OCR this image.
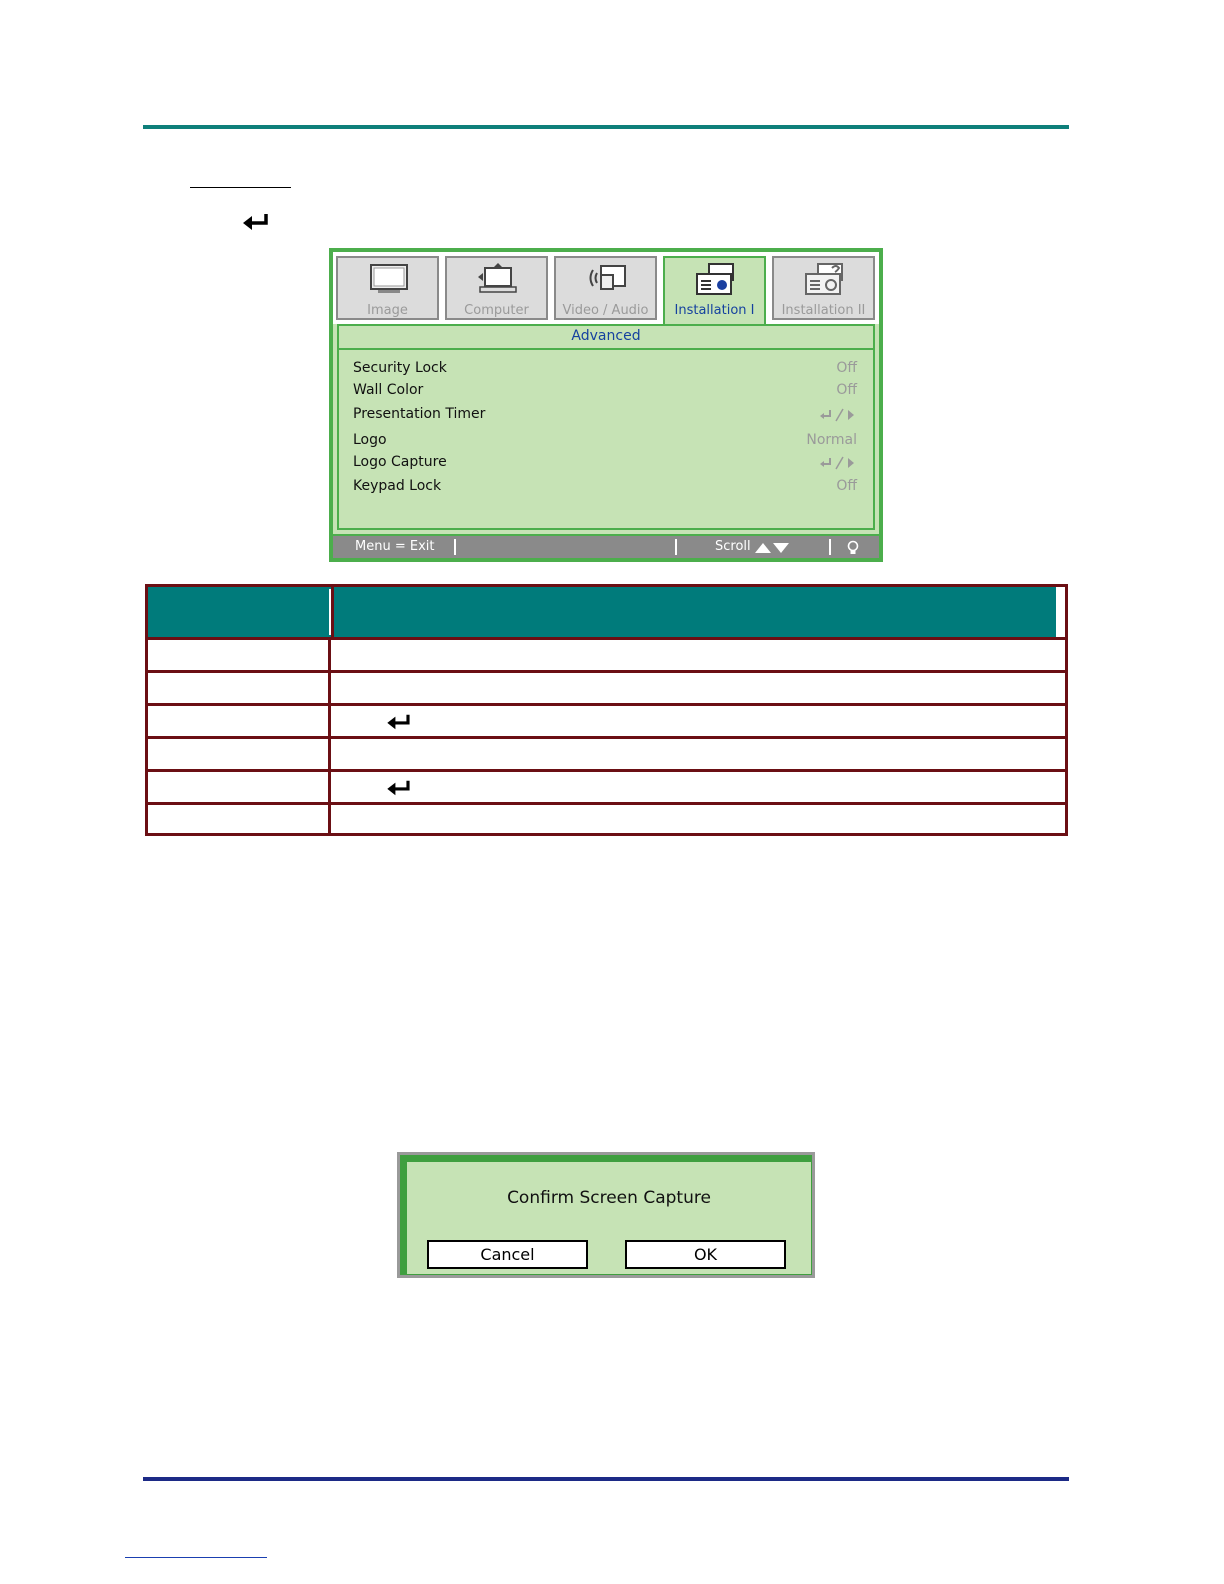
Image	Computer	Video / Audio	Installation I	Installation II
Advanced
Security Lock	Off
Wall Color	Off
Presentation Timer
Logo	Normal
Logo Capture
Keypad Lock	Off
Menu = Exit	Scroll
Confirm Screen Capture
Cancel	OK
